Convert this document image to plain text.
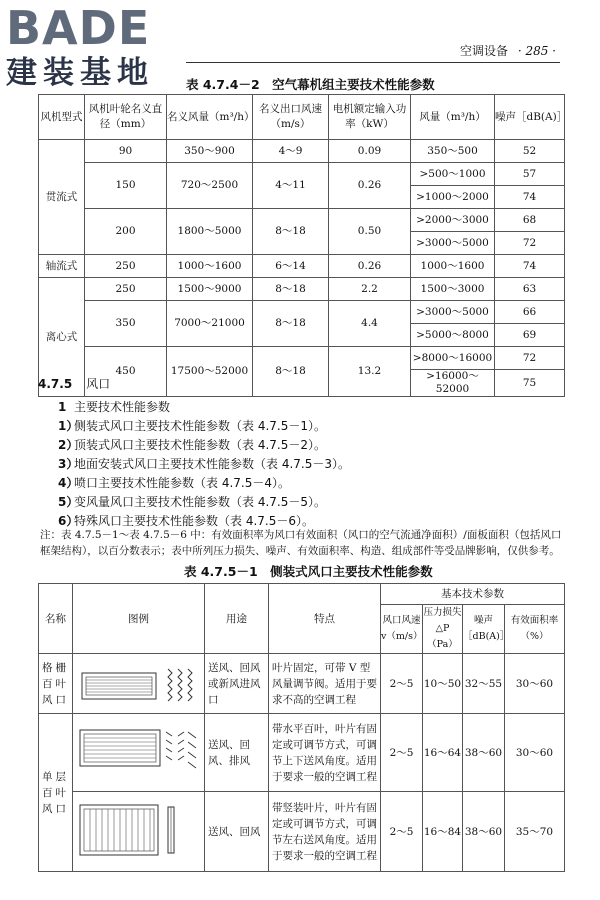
BADE
建装基地
空调设备 · 285 ·
表 4.7.4－2　空气幕机组主要技术性能参数
风机型式	风机叶轮名义直径（mm）	名义风量（m³/h）	名义出口风速（m/s）	电机额定输入功率（kW）	风量（m³/h）	噪声［dB(A)］
贯流式	90	350～900	4～9	0.09	350～500	52
	150	720～2500	4～11	0.26	>500～1000	57
					>1000～2000	74
	200	1800～5000	8～18	0.50	>2000～3000	68
					>3000～5000	72
轴流式	250	1000～1600	6～14	0.26	1000～1600	74
离心式	250	1500～9000	8～18	2.2	1500～3000	63
	350	7000～21000	8～18	4.4	>3000～5000	66
					>5000～8000	69
	450	17500～52000	8～18	13.2	>8000～16000	72
					>16000～52000	75
4.7.5 风口
1 主要技术性能参数
1）侧装式风口主要技术性能参数（表 4.7.5－1）。
2）顶装式风口主要技术性能参数（表 4.7.5－2）。
3）地面安装式风口主要技术性能参数（表 4.7.5－3）。
4）喷口主要技术性能参数（表 4.7.5－4）。
5）变风量风口主要技术性能参数（表 4.7.5－5）。
6）特殊风口主要技术性能参数（表 4.7.5－6）。
注：表 4.7.5－1～表 4.7.5－6 中：有效面积率为风口有效面积（风口的空气流通净面积）/面板面积（包括风口框架结构），以百分数表示；表中所列压力损失、噪声、有效面积率、构造、组成部件等受品牌影响，仅供参考。
表 4.7.5－1　侧装式风口主要技术性能参数
名称	图例	用途	特点	基本技术参数			
				风口风速 v（m/s）	压力损失 △P（Pa）	噪声［dB(A)］	有效面积率（%）
格栅百叶风口		送风、回风或新风进风口	叶片固定，可带 V 型风量调节阀。适用于要求不高的空调工程	2～5	10～50	32～55	30～60
单层百叶风口		送风、回风、排风	带水平百叶，叶片有固定或可调节方式，可调节上下送风角度。适用于要求一般的空调工程	2～5	16～64	38～60	30～60

	送风、回风	带竖装叶片，叶片有固定或可调节方式，可调节左右送风角度。适用于要求一般的空调工程	2～5	16～84	38～60	35～70
